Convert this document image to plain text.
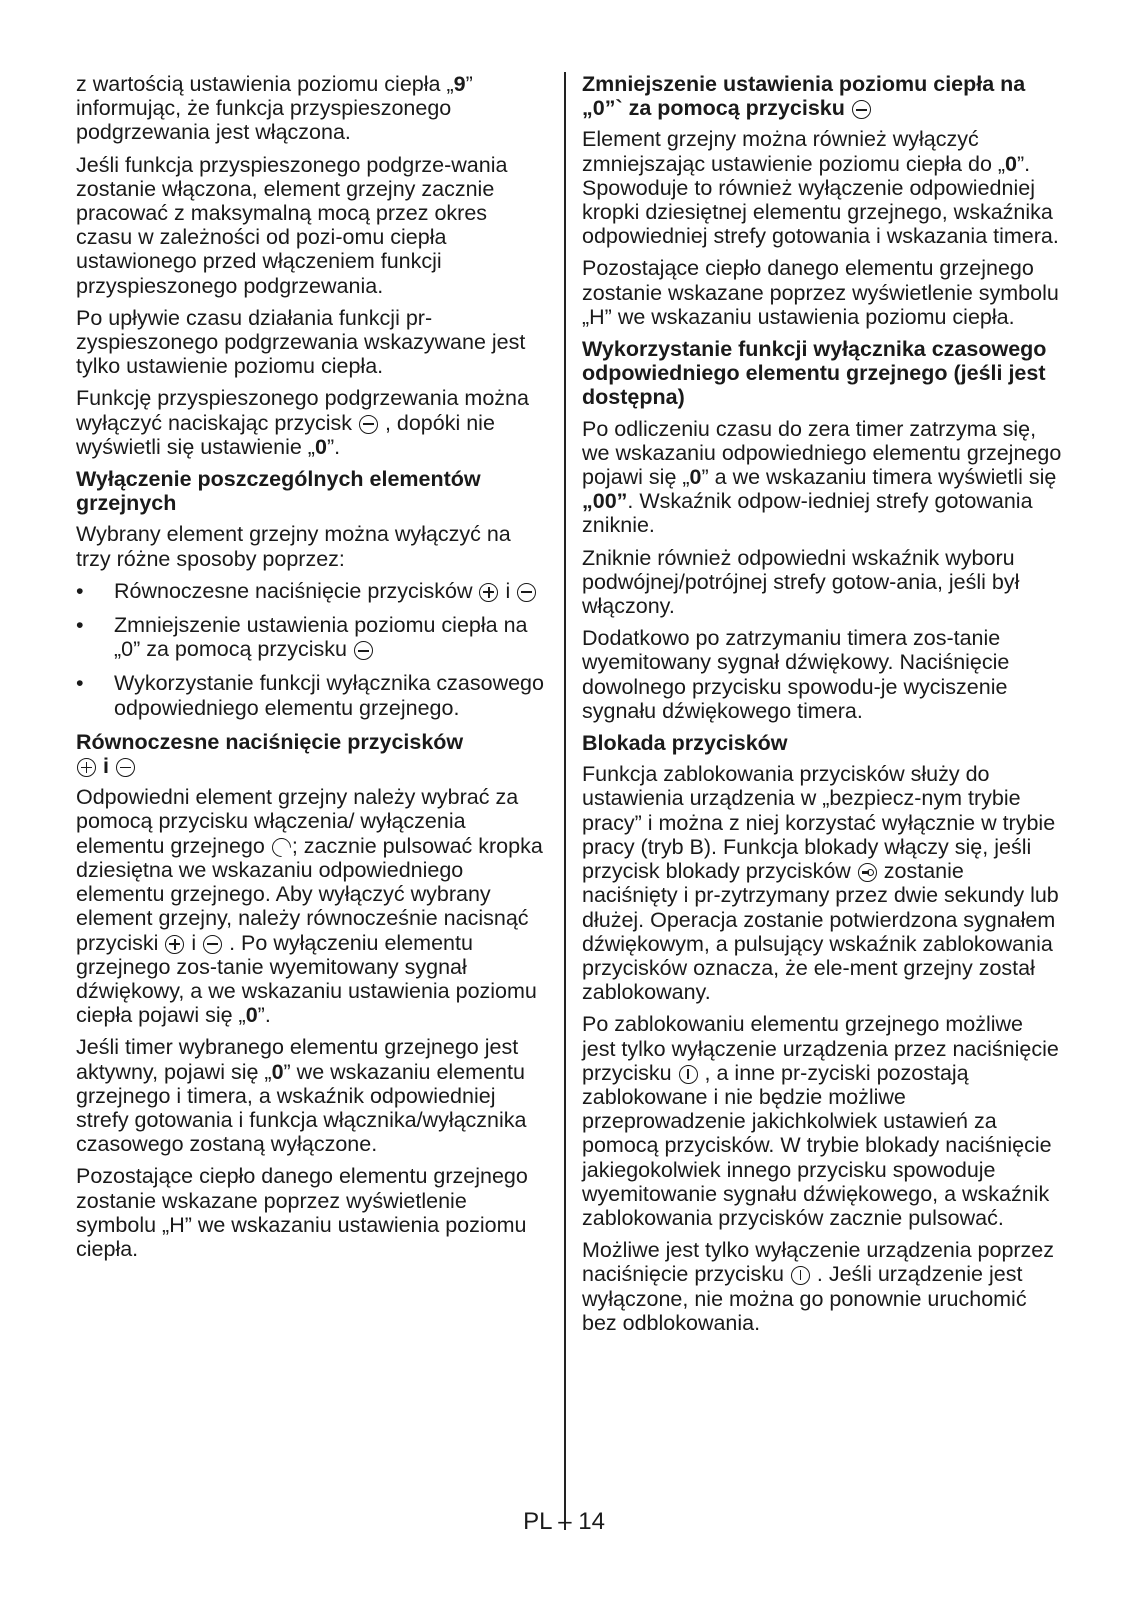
z wartością ustawienia poziomu ciepła „9” informując, że funkcja przyspieszonego podgrzewania jest włączona.

Jeśli funkcja przyspieszonego podgrze-wania zostanie włączona, element grzejny zacznie pracować z maksymalną mocą przez okres czasu w zależności od pozi-omu ciepła ustawionego przed włączeniem funkcji przyspieszonego podgrzewania.

Po upływie czasu działania funkcji pr-zyspieszonego podgrzewania wskazywane jest tylko ustawienie poziomu ciepła.

Funkcję przyspieszonego podgrzewania można wyłączyć naciskając przycisk  , dopóki nie wyświetli się ustawienie „0”.

Wyłączenie poszczególnych elementów grzejnych

Wybrany element grzejny można wyłączyć na trzy różne sposoby poprzez:

• Równoczesne naciśnięcie przycisków  i
• Zmniejszenie ustawienia poziomu ciepła na „0” za pomocą przycisku
• Wykorzystanie funkcji wyłącznika czasowego odpowiedniego elementu grzejnego.
Równoczesne naciśnięcie przycisków
i

Odpowiedni element grzejny należy wybrać za pomocą przycisku włączenia/ wyłączenia elementu grzejnego ; zacznie pulsować kropka dziesiętna we wskazaniu odpowiedniego elementu grzejnego. Aby wyłączyć wybrany element grzejny, należy równocześnie nacisnąć przyciski  i  . Po wyłączeniu elementu grzejnego zos-tanie wyemitowany sygnał dźwiękowy, a we wskazaniu ustawienia poziomu ciepła pojawi się „0”.

Jeśli timer wybranego elementu grzejnego jest aktywny, pojawi się „0” we wskazaniu elementu grzejnego i timera, a wskaźnik odpowiedniej strefy gotowania i funkcja włącznika/wyłącznika czasowego zostaną wyłączone.

Pozostające ciepło danego elementu grzejnego zostanie wskazane poprzez wyświetlenie symbolu „H” we wskazaniu ustawienia poziomu ciepła.

Zmniejszenie ustawienia poziomu ciepła na „0”` za pomocą przycisku

Element grzejny można również wyłączyć zmniejszając ustawienie poziomu ciepła do „0”. Spowoduje to również wyłączenie odpowiedniej kropki dziesiętnej elementu grzejnego, wskaźnika odpowiedniej strefy gotowania i wskazania timera.

Pozostające ciepło danego elementu grzejnego zostanie wskazane poprzez wyświetlenie symbolu „H” we wskazaniu ustawienia poziomu ciepła.

Wykorzystanie funkcji wyłącznika czasowego odpowiedniego elementu grzejnego (jeśli jest dostępna)

Po odliczeniu czasu do zera timer zatrzyma się, we wskazaniu odpowiedniego elementu grzejnego pojawi się „0” a we wskazaniu timera wyświetli się „00”. Wskaźnik odpow-iedniej strefy gotowania zniknie.

Zniknie również odpowiedni wskaźnik wyboru podwójnej/potrójnej strefy gotow-ania, jeśli był włączony.

Dodatkowo po zatrzymaniu timera zos-tanie wyemitowany sygnał dźwiękowy. Naciśnięcie dowolnego przycisku spowodu-je wyciszenie sygnału dźwiękowego timera.

Blokada przycisków

Funkcja zablokowania przycisków służy do ustawienia urządzenia w „bezpiecz-nym trybie pracy” i można z niej korzystać wyłącznie w trybie pracy (tryb B). Funkcja blokady włączy się, jeśli przycisk blokady przycisków  zostanie naciśnięty i pr-zytrzymany przez dwie sekundy lub dłużej. Operacja zostanie potwierdzona sygnałem dźwiękowym, a pulsujący wskaźnik zablokowania przycisków oznacza, że ele-ment grzejny został zablokowany.

Po zablokowaniu elementu grzejnego możliwe jest tylko wyłączenie urządzenia przez naciśnięcie przycisku  , a inne pr-zyciski pozostają zablokowane i nie będzie możliwe przeprowadzenie jakichkolwiek ustawień za pomocą przycisków. W trybie blokady naciśnięcie jakiegokolwiek innego przycisku spowoduje wyemitowanie sygnału dźwiękowego, a wskaźnik zablokowania przycisków zacznie pulsować.

Możliwe jest tylko wyłączenie urządzenia poprzez naciśnięcie przycisku  . Jeśli urządzenie jest wyłączone, nie można go ponownie uruchomić bez odblokowania.

PL – 14
